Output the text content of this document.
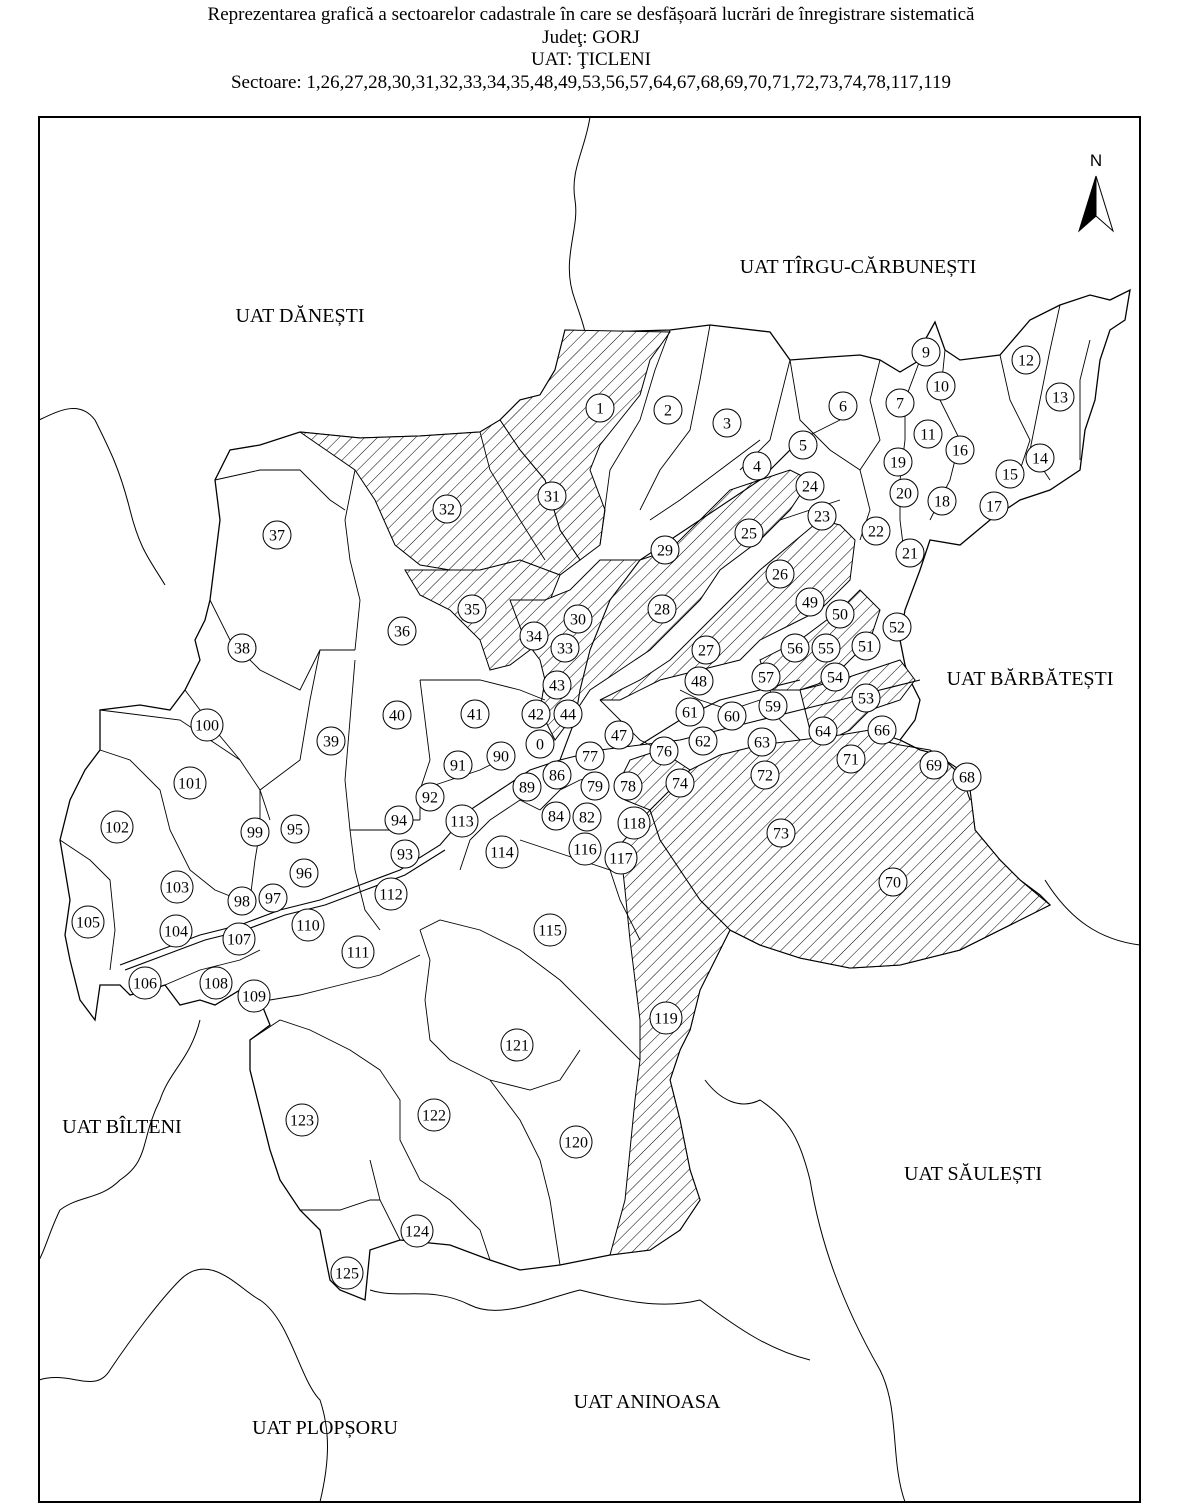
Reprezentarea grafică a sectoarelor cadastrale în care se desfășoară lucrări de înregistrare sistematică
Judeţ: GORJ
UAT: ŢICLENI
Sectoare: 1,26,27,28,30,31,32,33,34,35,48,49,53,56,57,64,67,68,69,70,71,72,73,74,78,117,119
UAT DĂNEȘTI
UAT TÎRGU-CĂRBUNEȘTI
UAT BĂRBĂTEȘTI
UAT BÎLTENI
UAT SĂULEȘTI
UAT ANINOASA
UAT PLOPȘORU
N
0
1	2
3
4
5
6	7
9
10
11
12
13
14
15
16
17
18
19
20
21
22
23
24
25
26
27
28
29
30
31
32
33
34
35
36
37
38
39
40	41	42
43
44
47
48
49
50
51
52
53
54
55
56
57
59
60
61
62	63
64	66
68
69
70
71
72
73
74
76
77
78
79
82
84
86
89
90
91
92
93
94
95
96
97
98
99
100
101
102
103
104
105
106
107
108
109
110
111
112
113
114
115
116
117
118
119
120
121
122
123
124
125
